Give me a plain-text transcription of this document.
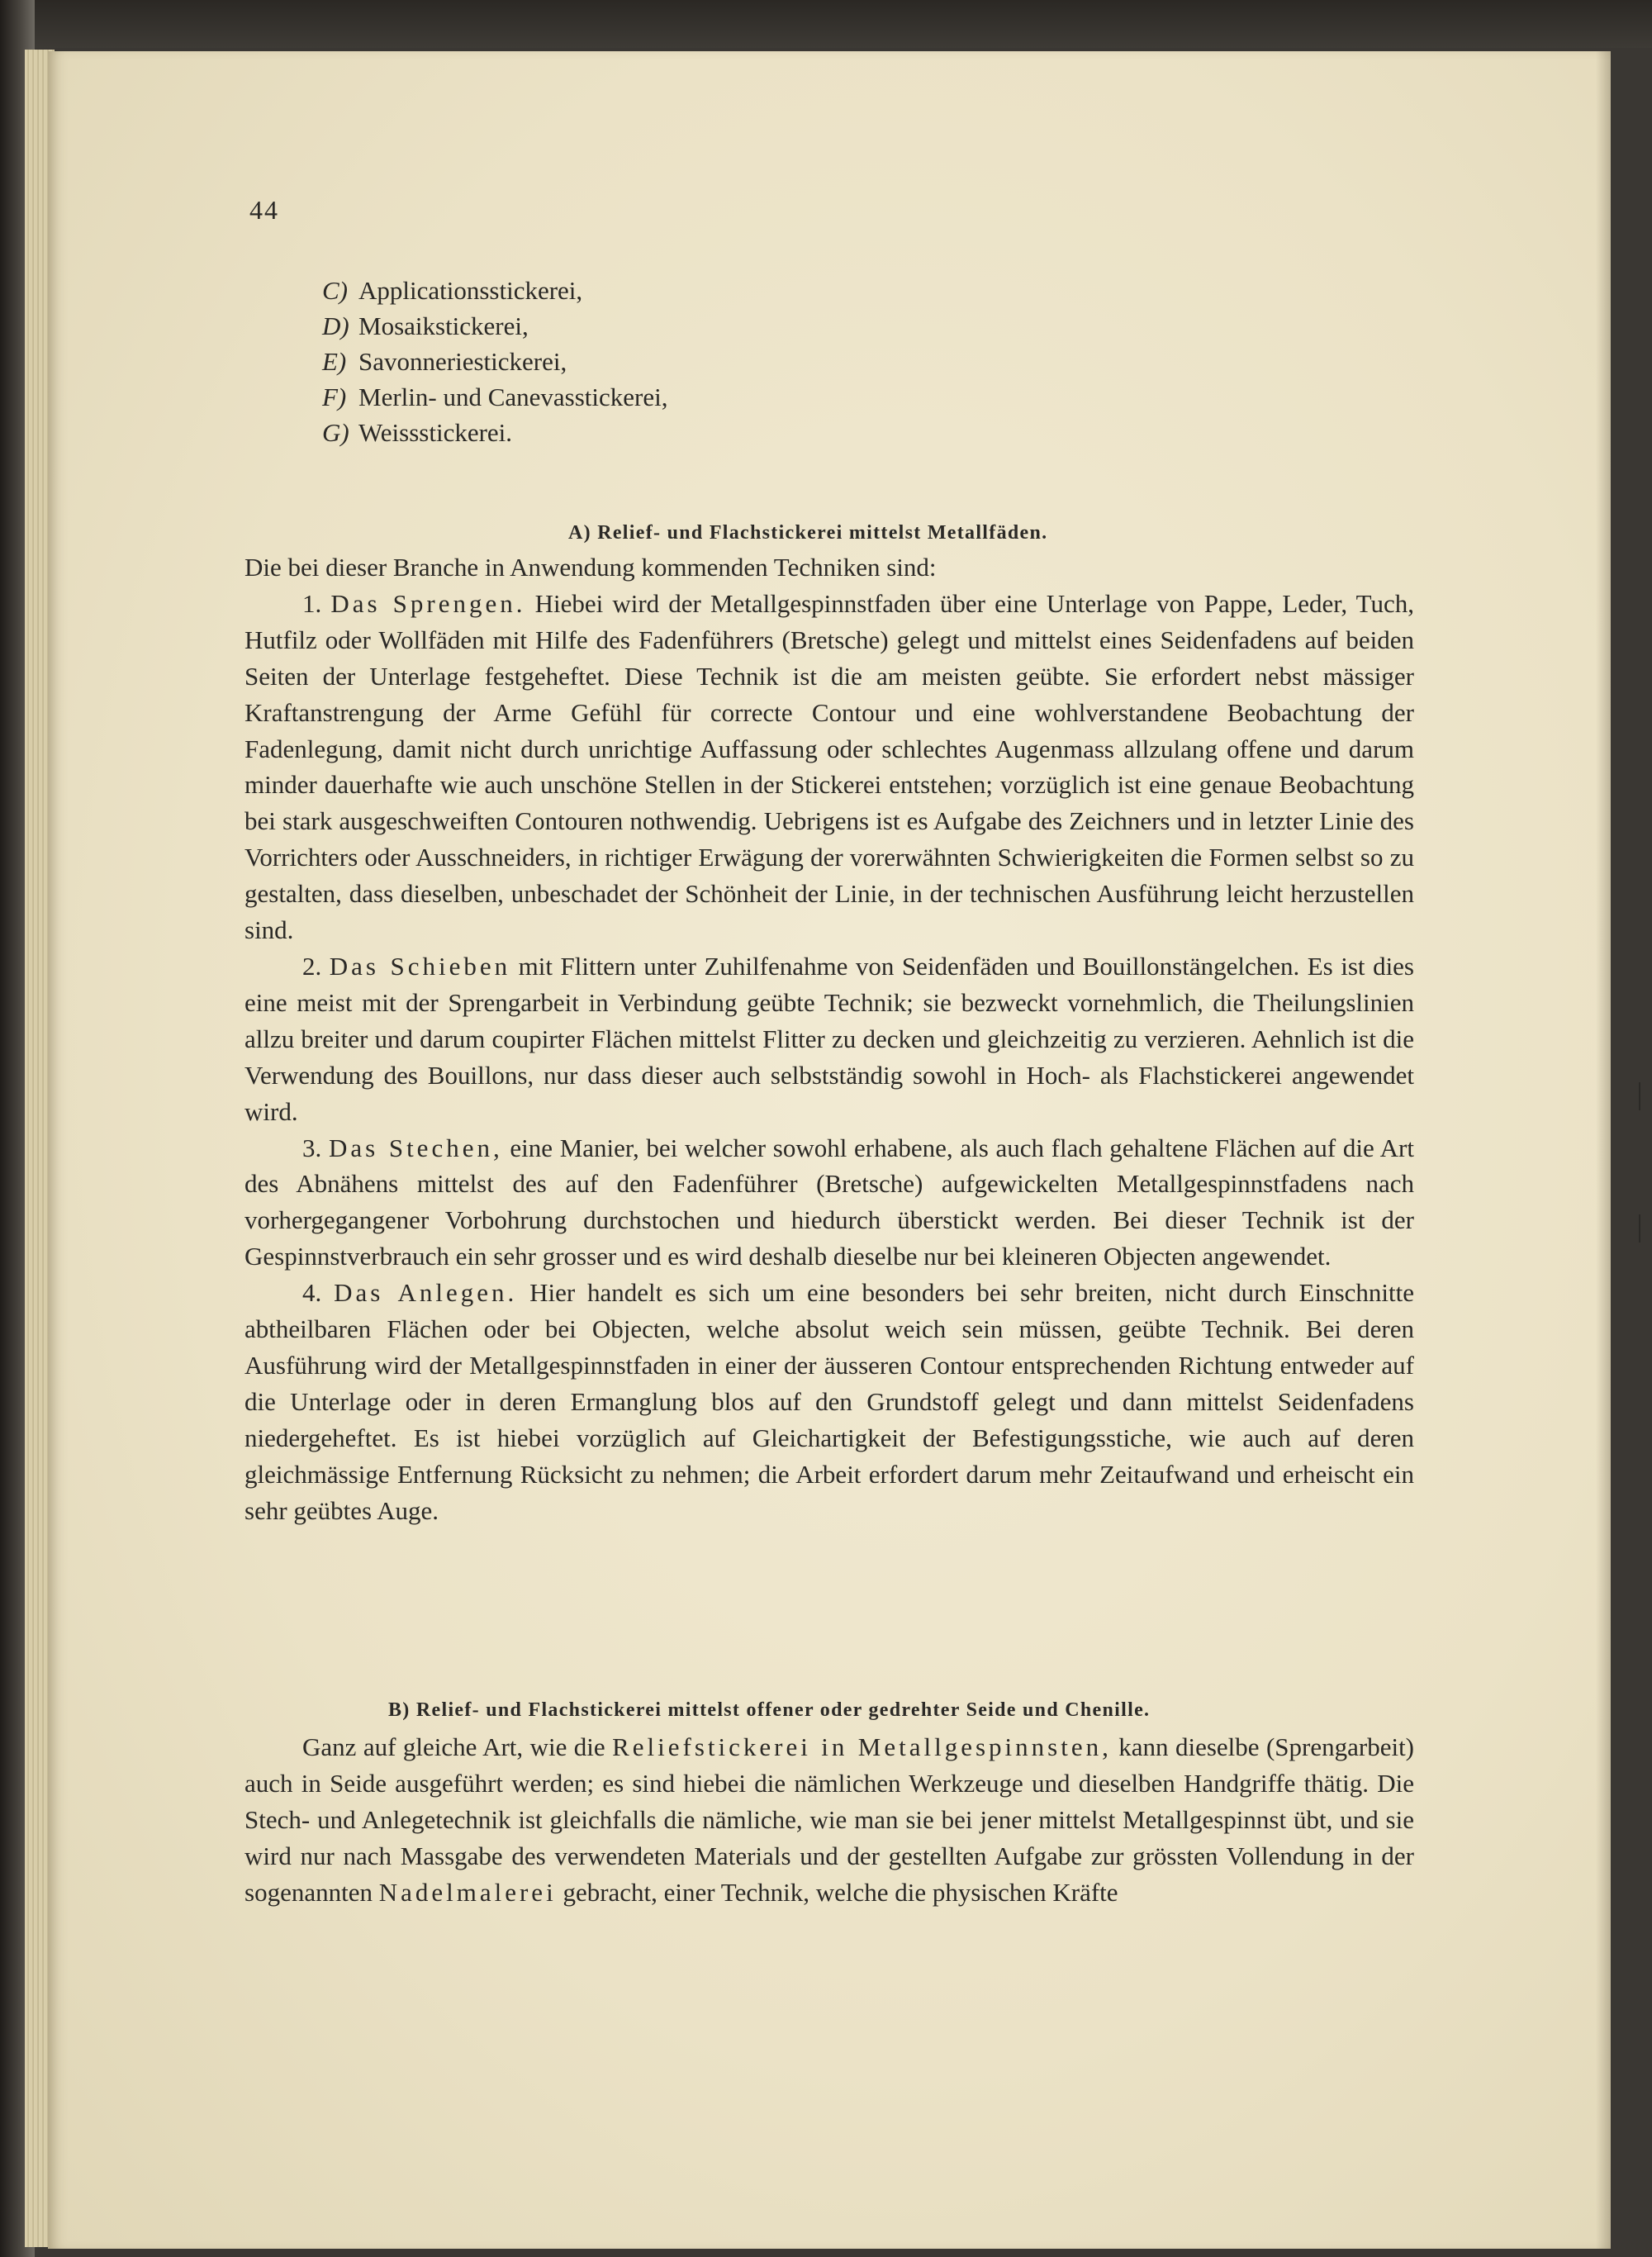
44
C) Applicationsstickerei,
D) Mosaikstickerei,
E) Savonneriestickerei,
F) Merlin- und Canevasstickerei,
G) Weissstickerei.
A) Relief- und Flachstickerei mittelst Metallfäden.

Die bei dieser Branche in Anwendung kommenden Techniken sind:

1. Das Sprengen. Hiebei wird der Metallgespinnstfaden über eine Unterlage von Pappe, Leder, Tuch, Hutfilz oder Wollfäden mit Hilfe des Fadenführers (Bretsche) gelegt und mittelst eines Seidenfadens auf beiden Seiten der Unterlage festgeheftet. Diese Technik ist die am meisten geübte. Sie erfordert nebst mässiger Kraftanstrengung der Arme Gefühl für correcte Contour und eine wohlverstandene Beobachtung der Fadenlegung, damit nicht durch unrichtige Auffassung oder schlechtes Augenmass allzulang offene und darum minder dauerhafte wie auch unschöne Stellen in der Stickerei entstehen; vorzüglich ist eine genaue Beobachtung bei stark ausgeschweiften Contouren nothwendig. Uebrigens ist es Aufgabe des Zeichners und in letzter Linie des Vorrichters oder Ausschneiders, in richtiger Erwägung der vorerwähnten Schwierigkeiten die Formen selbst so zu gestalten, dass dieselben, unbeschadet der Schönheit der Linie, in der technischen Ausführung leicht herzustellen sind.

2. Das Schieben mit Flittern unter Zuhilfenahme von Seidenfäden und Bouillonstängelchen. Es ist dies eine meist mit der Sprengarbeit in Verbindung geübte Technik; sie bezweckt vornehmlich, die Theilungslinien allzu breiter und darum coupirter Flächen mittelst Flitter zu decken und gleichzeitig zu verzieren. Aehnlich ist die Verwendung des Bouillons, nur dass dieser auch selbstständig sowohl in Hoch- als Flachstickerei angewendet wird.

3. Das Stechen, eine Manier, bei welcher sowohl erhabene, als auch flach gehaltene Flächen auf die Art des Abnähens mittelst des auf den Fadenführer (Bretsche) aufgewickelten Metallgespinnstfadens nach vorhergegangener Vorbohrung durchstochen und hiedurch überstickt werden. Bei dieser Technik ist der Gespinnstverbrauch ein sehr grosser und es wird deshalb dieselbe nur bei kleineren Objecten angewendet.

4. Das Anlegen. Hier handelt es sich um eine besonders bei sehr breiten, nicht durch Einschnitte abtheilbaren Flächen oder bei Objecten, welche absolut weich sein müssen, geübte Technik. Bei deren Ausführung wird der Metallgespinnstfaden in einer der äusseren Contour entsprechenden Richtung entweder auf die Unterlage oder in deren Ermanglung blos auf den Grundstoff gelegt und dann mittelst Seidenfadens niedergeheftet. Es ist hiebei vorzüglich auf Gleichartigkeit der Befestigungsstiche, wie auch auf deren gleichmässige Entfernung Rücksicht zu nehmen; die Arbeit erfordert darum mehr Zeitaufwand und erheischt ein sehr geübtes Auge.

B) Relief- und Flachstickerei mittelst offener oder gedrehter Seide und Chenille.

Ganz auf gleiche Art, wie die Reliefstickerei in Metallgespinnsten, kann dieselbe (Sprengarbeit) auch in Seide ausgeführt werden; es sind hiebei die nämlichen Werkzeuge und dieselben Handgriffe thätig. Die Stech- und Anlegetechnik ist gleichfalls die nämliche, wie man sie bei jener mittelst Metallgespinnst übt, und sie wird nur nach Massgabe des verwendeten Materials und der gestellten Aufgabe zur grössten Vollendung in der sogenannten Nadelmalerei gebracht, einer Technik, welche die physischen Kräfte
